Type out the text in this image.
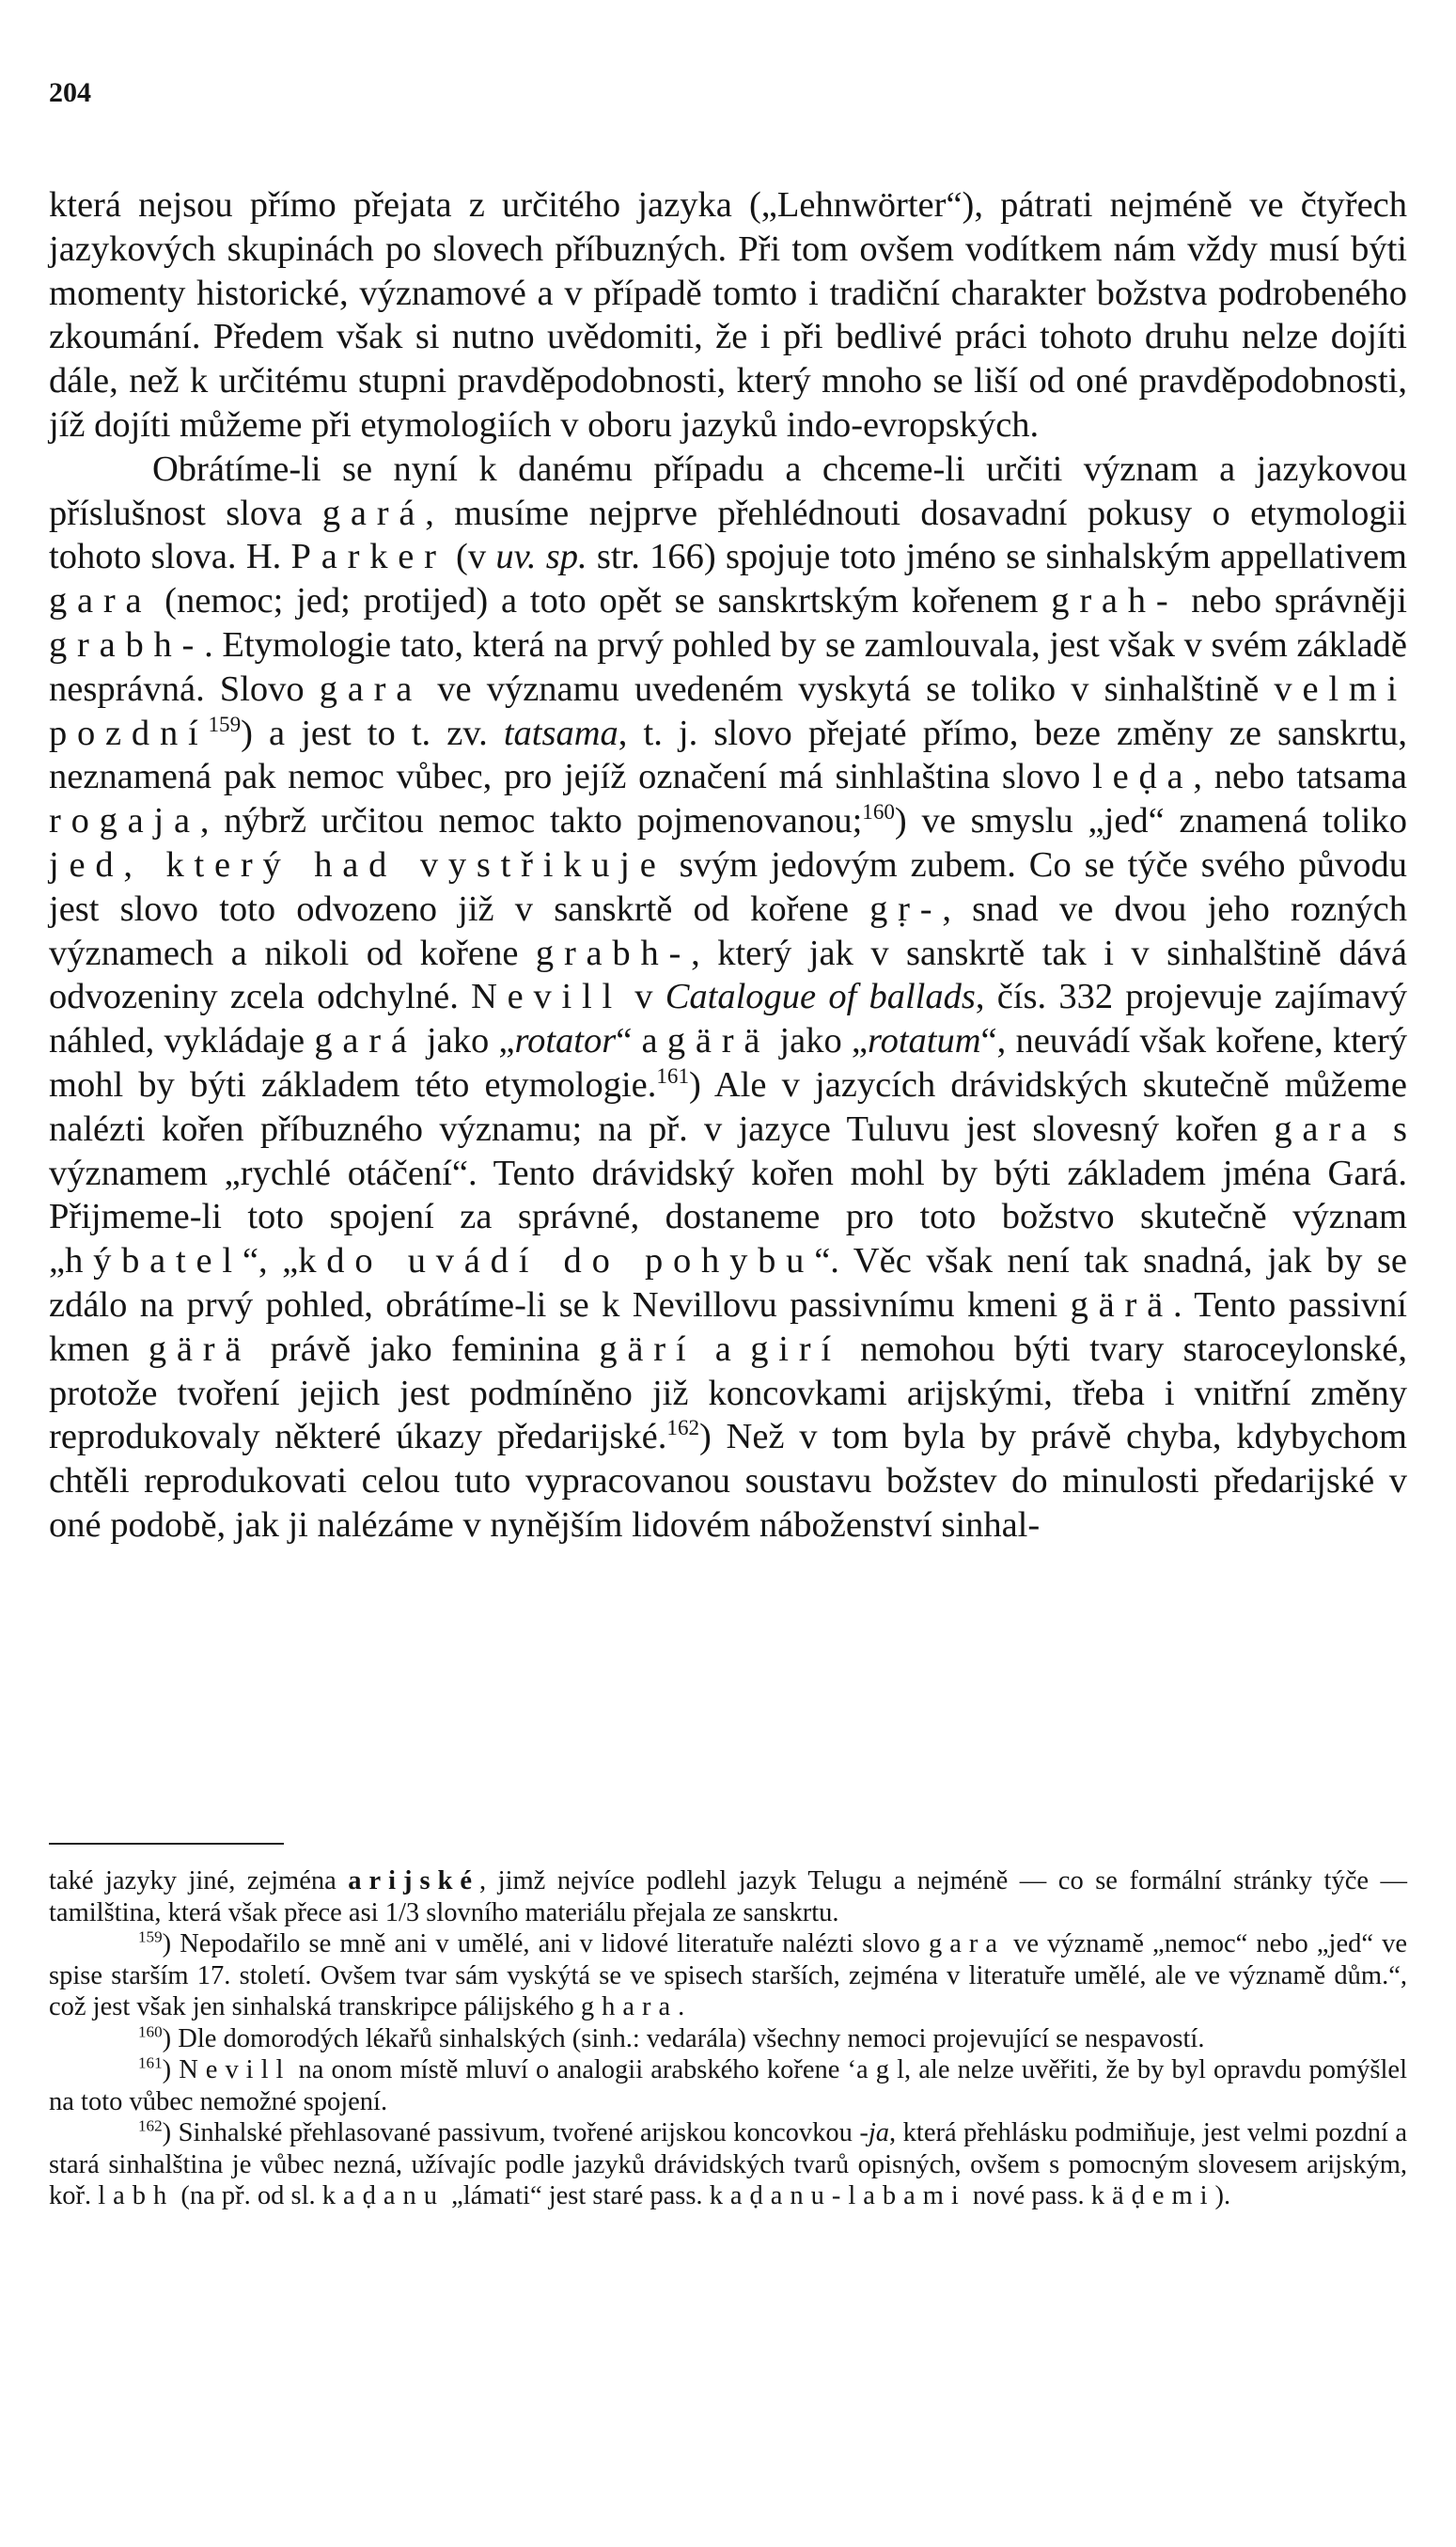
204

která nejsou přímo přejata z určitého jazyka („Lehnwörter“), pátrati nejméně ve čtyřech jazykových skupinách po slovech příbuzných. Při tom ovšem vodítkem nám vždy musí býti momenty historické, významové a v případě tomto i tradiční charakter božstva podrobeného zkoumání. Předem však si nutno uvědomiti, že i při bedlivé práci tohoto druhu nelze dojíti dále, než k určitému stupni pravděpodobnosti, který mnoho se liší od oné pravděpodobnosti, jíž dojíti můžeme při etymologiích v oboru jazyků indo-evropských.

Obrátíme-li se nyní k danému případu a chceme-li určiti význam a jazykovou příslušnost slova gará, musíme nejprve přehlédnouti dosavadní pokusy o etymologii tohoto slova. H. Parker (v uv. sp. str. 166) spojuje toto jméno se sinhalským appellativem gara (nemoc; jed; protijed) a toto opět se sanskrtským kořenem grah- nebo správněji grabh-. Etymologie tato, která na prvý pohled by se zamlouvala, jest však v svém základě nesprávná. Slovo gara ve významu uvedeném vyskytá se toliko v sinhalštině velmi pozdní$^{159}$) a jest to t. zv. tatsama, t. j. slovo přejaté přímo, beze změny ze sanskrtu, neznamená pak nemoc vůbec, pro jejíž označení má sinhlaština slovo leḍa, nebo tatsama rogaja, nýbrž určitou nemoc takto pojmenovanou;$^{160}$) ve smyslu „jed“ znamená toliko jed, který had vystřikuje svým jedovým zubem. Co se týče svého původu jest slovo toto odvozeno již v sanskrtě od kořene gṛ-, snad ve dvou jeho rozných významech a nikoli od kořene grabh-, který jak v sanskrtě tak i v sinhalštině dává odvozeniny zcela odchylné. Nevill v Catalogue of ballads, čís. 332 projevuje zajímavý náhled, vykládaje gará jako „rotator“ a gärä jako „rotatum“, neuvádí však kořene, který mohl by býti základem této etymologie.$^{161}$) Ale v jazycích drávidských skutečně můžeme nalézti kořen příbuzného významu; na př. v jazyce Tuluvu jest slovesný kořen gara s významem „rychlé otáčení“. Tento drávidský kořen mohl by býti základem jména Gará. Přijmeme-li toto spojení za správné, dostaneme pro toto božstvo skutečně význam „hýbatel“, „kdo uvádí do pohybu“. Věc však není tak snadná, jak by se zdálo na prvý pohled, obrátíme-li se k Nevillovu passivnímu kmeni gärä. Tento passivní kmen gärä právě jako feminina gärí a girí nemohou býti tvary staroceylonské, protože tvoření jejich jest podmíněno již koncovkami arijskými, třeba i vnitřní změny reprodukovaly některé úkazy předarijské.$^{162}$) Než v tom byla by právě chyba, kdybychom chtěli reprodukovati celou tuto vypracovanou soustavu božstev do minulosti předarijské v oné podobě, jak ji nalézáme v nynějším lidovém náboženství sinhal-

také jazyky jiné, zejména arijské, jimž nejvíce podlehl jazyk Telugu a nejméně — co se formální stránky týče — tamilština, která však přece asi 1/3 slovního materiálu přejala ze sanskrtu.

$^{159}$) Nepodařilo se mně ani v umělé, ani v lidové literatuře nalézti slovo gara ve významě „nemoc“ nebo „jed“ ve spise starším 17. století. Ovšem tvar sám vyskýtá se ve spisech starších, zejména v literatuře umělé, ale ve významě dům.“, což jest však jen sinhalská transkripce pálijského ghara.

$^{160}$) Dle domorodých lékařů sinhalských (sinh.: vedarála) všechny nemoci projevující se nespavostí.

$^{161}$) Nevill na onom místě mluví o analogii arabského kořene ‘a g l, ale nelze uvěřiti, že by byl opravdu pomýšlel na toto vůbec nemožné spojení.

$^{162}$) Sinhalské přehlasované passivum, tvořené arijskou koncovkou -ja, která přehlásku podmiňuje, jest velmi pozdní a stará sinhalština je vůbec nezná, užívajíc podle jazyků drávidských tvarů opisných, ovšem s pomocným slovesem arijským, koř. labh (na př. od sl. kaḍanu „lámati“ jest staré pass. kaḍanu-labami nové pass. käḍemi).
